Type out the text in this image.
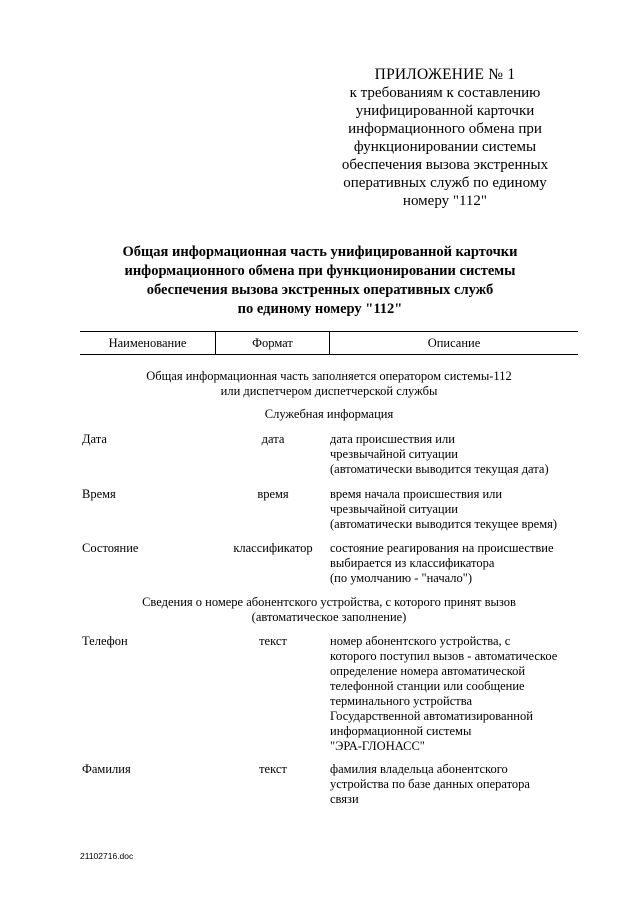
ПРИЛОЖЕНИЕ № 1
к требованиям к составлению
унифицированной карточки
информационного обмена при
функционировании системы
обеспечения вызова экстренных
оперативных служб по единому
номеру "112"
Общая информационная часть унифицированной карточки
информационного обмена при функционировании системы
обеспечения вызова экстренных оперативных служб
по единому номеру "112"
Наименование	Формат	Описание
Общая информационная часть заполняется оператором системы-112
или диспетчером диспетчерской службы
Служебная информация
Дата	дата	дата происшествия или
чрезвычайной ситуации
(автоматически выводится текущая дата)
Время	время	время начала происшествия или
чрезвычайной ситуации
(автоматически выводится текущее время)
Состояние	классификатор	состояние реагирования на происшествие
выбирается из классификатора
(по умолчанию - "начало")
Сведения о номере абонентского устройства, с которого принят вызов
(автоматическое заполнение)
Телефон	текст	номер абонентского устройства, с
которого поступил вызов - автоматическое
определение номера автоматической
телефонной станции или сообщение
терминального устройства
Государственной автоматизированной
информационной системы
"ЭРА-ГЛОНАСС"
Фамилия	текст	фамилия владельца абонентского
устройства по базе данных оператора
связи
21102716.doc
